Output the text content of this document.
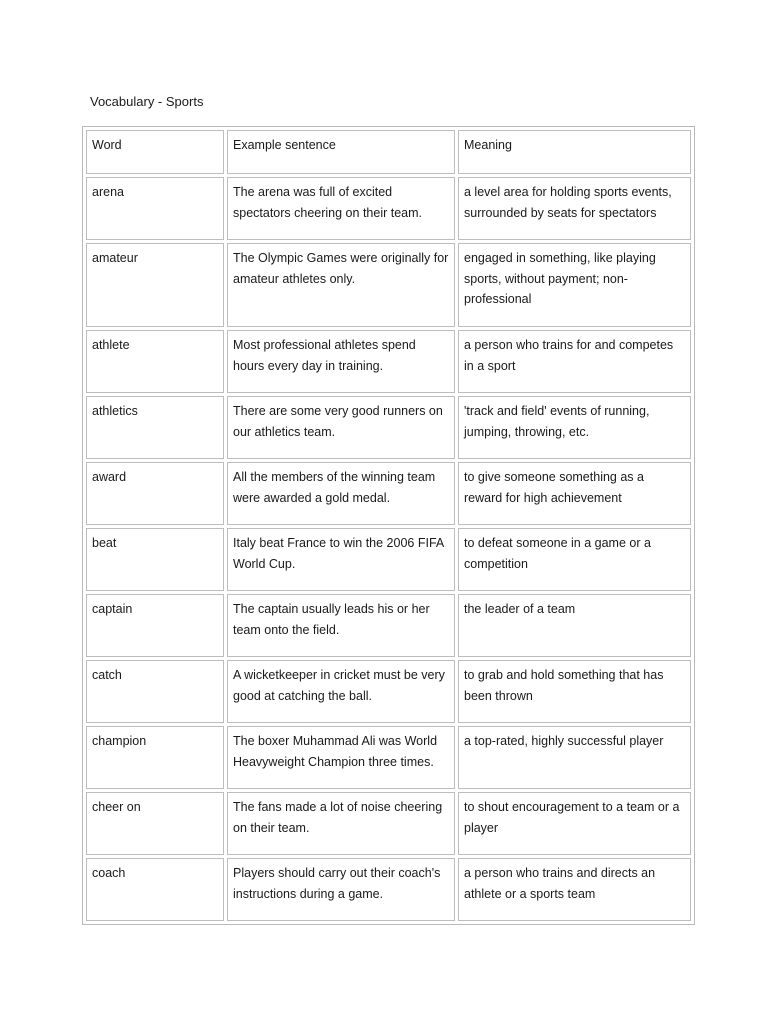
Vocabulary - Sports
Word	Example sentence	Meaning
arena	The arena was full of excited spectators cheering on their team.	a level area for holding sports events, surrounded by seats for spectators
amateur	The Olympic Games were originally for amateur athletes only.	engaged in something, like playing sports, without payment; non-professional
athlete	Most professional athletes spend hours every day in training.	a person who trains for and competes in a sport
athletics	There are some very good runners on our athletics team.	'track and field' events of running, jumping, throwing, etc.
award	All the members of the winning team were awarded a gold medal.	to give someone something as a reward for high achievement
beat	Italy beat France to win the 2006 FIFA World Cup.	to defeat someone in a game or a competition
captain	The captain usually leads his or her team onto the field.	the leader of a team
catch	A wicketkeeper in cricket must be very good at catching the ball.	to grab and hold something that has been thrown
champion	The boxer Muhammad Ali was World Heavyweight Champion three times.	a top-rated, highly successful player
cheer on	The fans made a lot of noise cheering on their team.	to shout encouragement to a team or a player
coach	Players should carry out their coach's instructions during a game.	a person who trains and directs an athlete or a sports team
